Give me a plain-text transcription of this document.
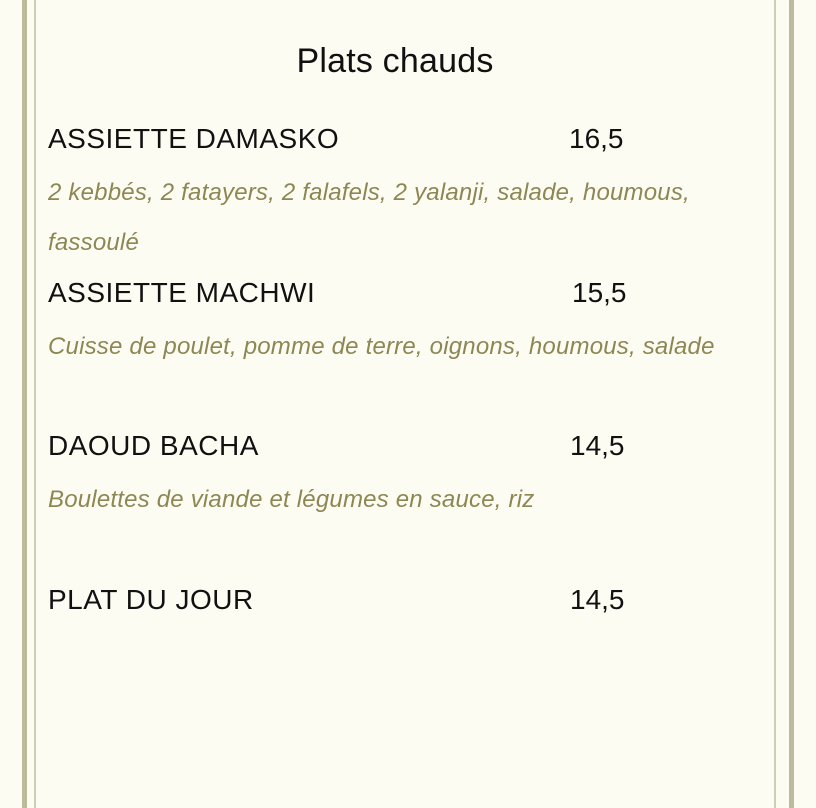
Plats chauds
ASSIETTE DAMASKO	16,5
2 kebbés, 2 fatayers, 2 falafels, 2 yalanji, salade, houmous, fassoulé
ASSIETTE MACHWI	15,5
Cuisse de poulet, pomme de terre, oignons, houmous, salade
DAOUD BACHA	14,5
Boulettes de viande et légumes en sauce, riz
PLAT DU JOUR	14,5
